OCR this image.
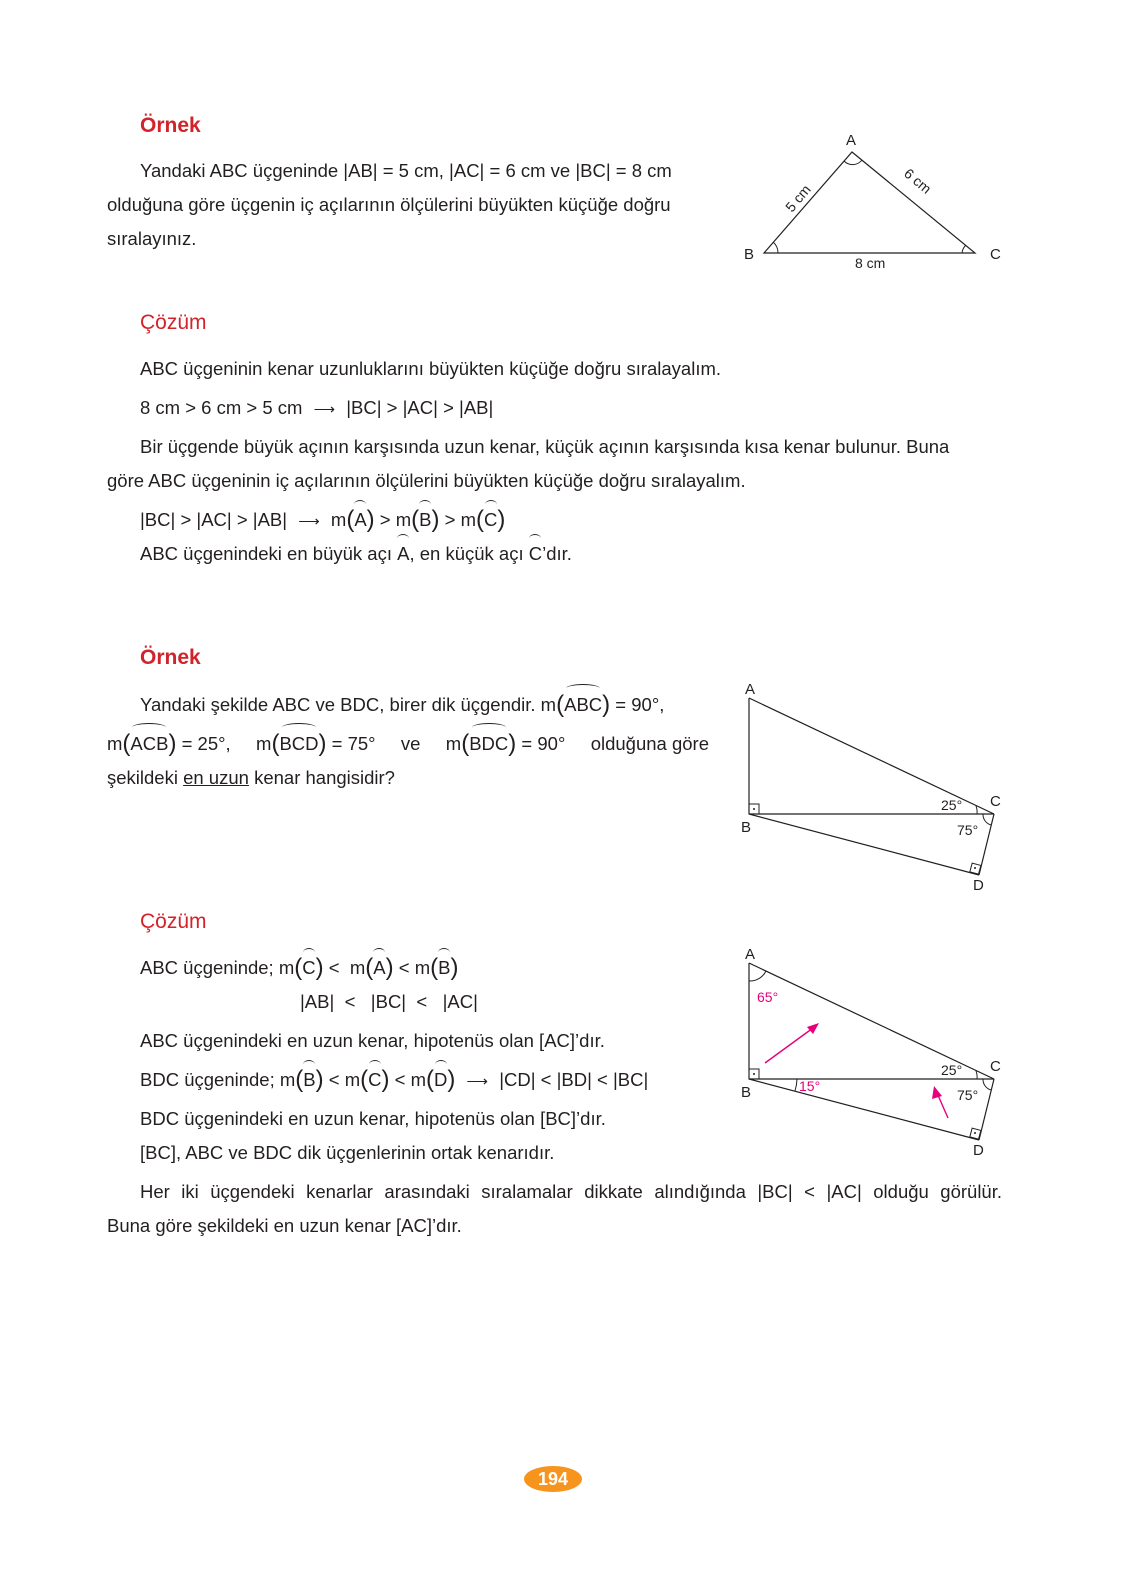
Örnek
Yandaki ABC üçgeninde |AB| = 5 cm, |AC| = 6 cm ve |BC| = 8 cm
olduğuna göre üçgenin iç açılarının ölçülerini büyükten küçüğe doğru
sıralayınız.
A
B	C
8 cm
5 cm
6 cm
Çözüm
ABC üçgeninin kenar uzunluklarını büyükten küçüğe doğru sıralayalım.
8 cm > 6 cm > 5 cm ⟶ |BC| > |AC| > |AB|
Bir üçgende büyük açının karşısında uzun kenar, küçük açının karşısında kısa kenar bulunur. Buna
göre ABC üçgeninin iç açılarının ölçülerini büyükten küçüğe doğru sıralayalım.
|BC| > |AC| > |AB| ⟶ m(A) > m(B) > m(C)
ABC üçgenindeki en büyük açı A, en küçük açı C’dır.
Örnek
Yandaki şekilde ABC ve BDC, birer dik üçgendir. m(ABC) = 90°,
m(ACB) = 25°, m(BCD) = 75° ve m(BDC) = 90° olduğuna göre
şekildeki en uzun kenar hangisidir?
A
B
C
D
25°
75°
Çözüm
ABC üçgeninde; m(C) <  m(A) < m(B)
|AB|  <   |BC|  <   |AC|
ABC üçgenindeki en uzun kenar, hipotenüs olan [AC]’dır.
BDC üçgeninde; m(B) < m(C) < m(D) ⟶ |CD| < |BD| < |BC|
BDC üçgenindeki en uzun kenar, hipotenüs olan [BC]’dır.
[BC], ABC ve BDC dik üçgenlerinin ortak kenarıdır.
Her iki üçgendeki kenarlar arasındaki sıralamalar dikkate alındığında |BC| < |AC| olduğu görülür.
Buna göre şekildeki en uzun kenar [AC]’dır.
A
B
C
D
65°
15°
25°
75°
194
